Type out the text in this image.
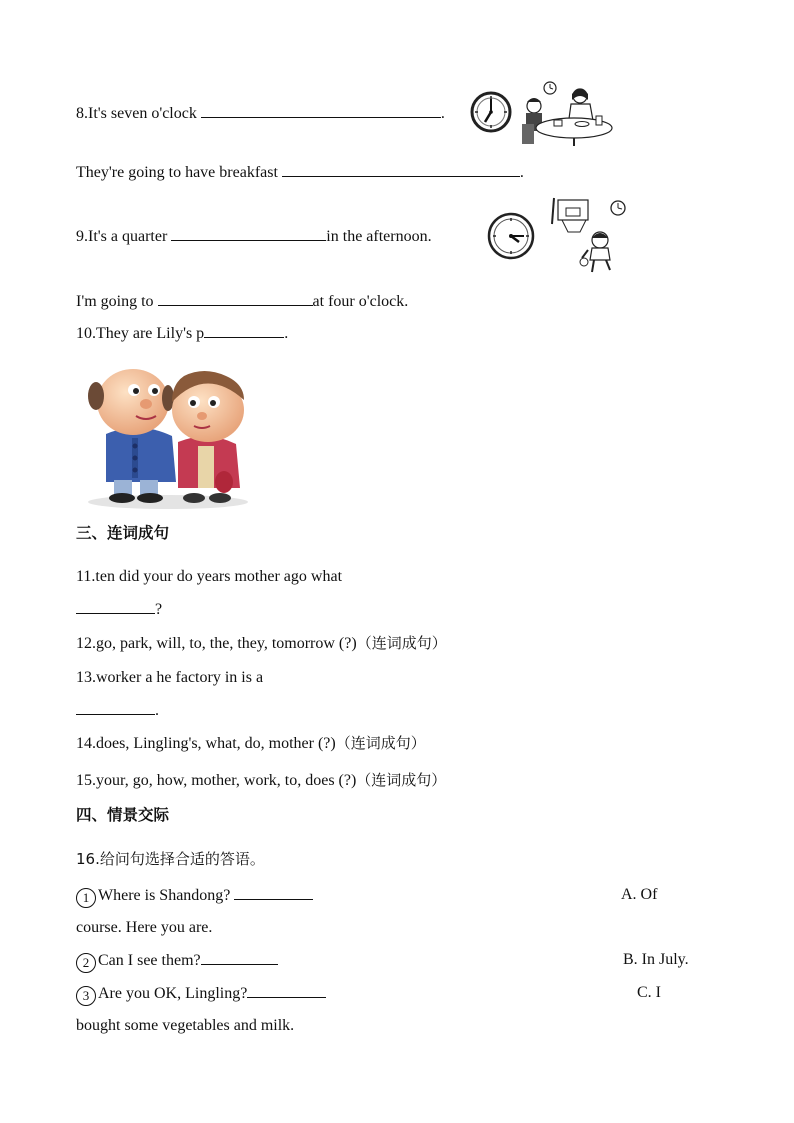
8.It's seven o'clock	.
They're going to have breakfast	.
9.It's a quarter	in the afternoon.
I'm going to	at four o'clock.
10.They are Lily's p	.
三、连词成句
11.ten did your do years mother ago what
?
12.go, park, will, to, the, they, tomorrow (?)（连词成句）
13.worker a he factory in is a
.
14.does, Lingling's, what, do, mother (?)（连词成句）
15.your, go, how, mother, work, to, does (?)（连词成句）
四、情景交际
16.给问句选择合适的答语。
1 Where is Shandong?	A. Of
course. Here you are.
2 Can I see them?	B. In July.
3 Are you OK, Lingling?	C. I
bought some vegetables and milk.
